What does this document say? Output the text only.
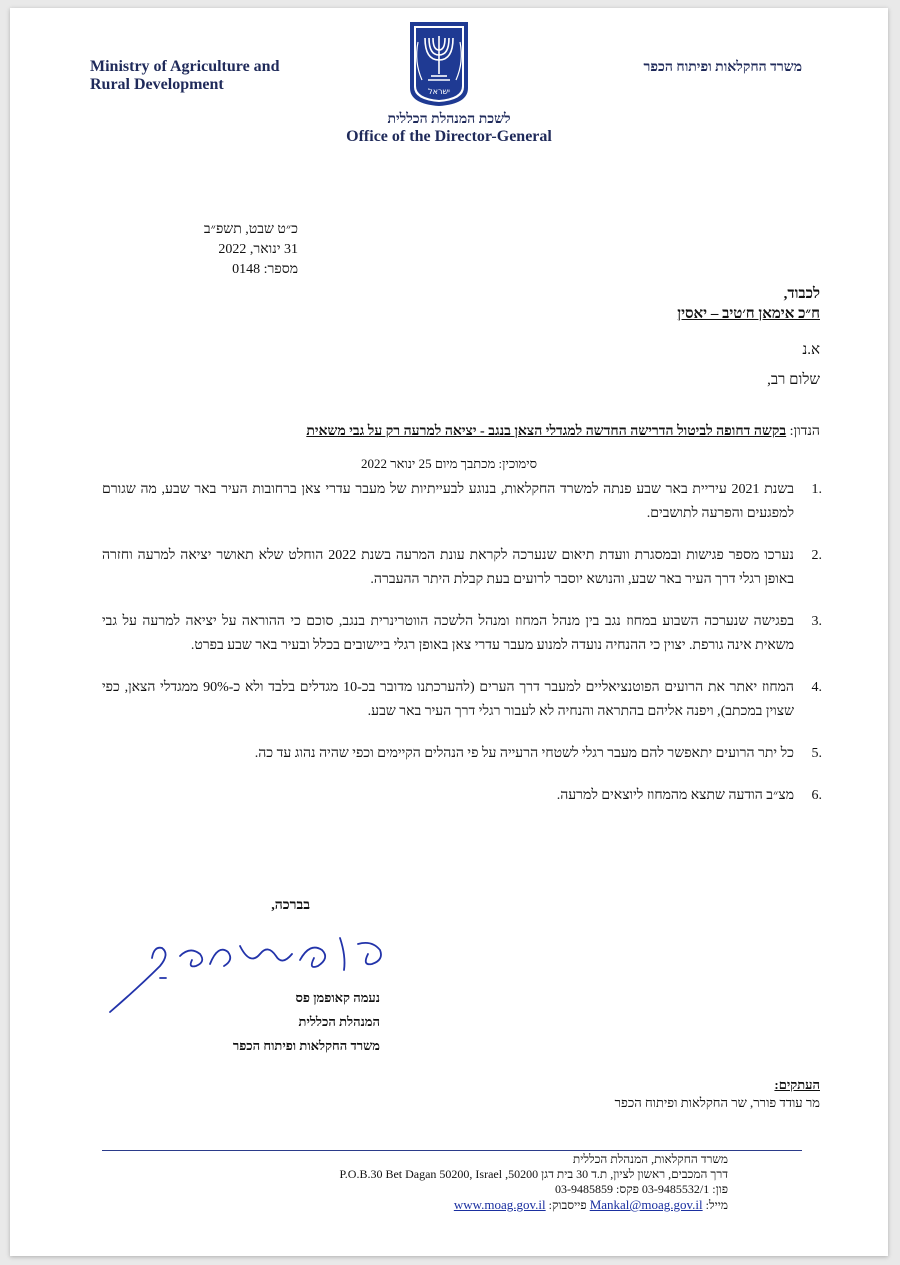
Ministry of Agriculture and
Rural Development
משרד החקלאות ופיתוח הכפר
ישראל
לשכת המנהלת הכללית
Office of the Director-General
כ״ט שבט, תשפ״ב
31 ינואר, 2022
מספר: 0148
לכבוד,
ח״כ אימאן ח׳טיב – יאסין
א.נ
שלום רב,
הנדון: בקשה דחופה לביטול הדרישה החדשה למגדלי הצאן בנגב - יציאה למרעה רק על גבי משאית
סימוכין: מכתבך מיום 25 ינואר 2022
.1
בשנת 2021 עיריית באר שבע פנתה למשרד החקלאות, בנוגע לבעייתיות של מעבר עדרי צאן ברחובות העיר באר שבע, מה שגורם למפגעים והפרעה לתושבים.
.2
נערכו מספר פגישות ובמסגרת וועדת תיאום שנערכה לקראת עונת המרעה בשנת 2022 הוחלט שלא תאושר יציאה למרעה וחזרה באופן רגלי דרך העיר באר שבע, והנושא יוסבר לרועים בעת קבלת היתר ההעברה.
.3
בפגישה שנערכה השבוע במחוז נגב בין מנהל המחוז ומנהל הלשכה הווטרינרית בנגב, סוכם כי ההוראה על יציאה למרעה על גבי משאית אינה גורפת. יצוין כי ההנחיה נועדה למנוע מעבר עדרי צאן באופן רגלי ביישובים בכלל ובעיר באר שבע בפרט.
.4
המחוז יאתר את הרועים הפוטנציאליים למעבר דרך הערים (להערכתנו מדובר בכ-10 מגדלים בלבד ולא כ-90% ממגדלי הצאן, כפי שצוין במכתב), ויפנה אליהם בהתראה והנחיה לא לעבור רגלי דרך העיר באר שבע.
.5
כל יתר הרועים יתאפשר להם מעבר רגלי לשטחי הרעייה על פי הנהלים הקיימים וכפי שהיה נהוג עד כה.
.6
מצ״ב הודעה שתצא מהמחוז ליוצאים למרעה.
בברכה,
נעמה קאופמן פס
המנהלת הכללית
משרד החקלאות ופיתוח הכפר
העתקים:
מר עודד פורר, שר החקלאות ופיתוח הכפר
משרד החקלאות, המנהלת הכללית
דרך המכבים, ראשון לציון, ת.ד 30 בית דגן 50200, P.O.B.30 Bet Dagan 50200, Israel
פון: 03-9485532/1 פקס: 03-9485859
מייל: Mankal@moag.gov.il פייסבוק: www.moag.gov.il
